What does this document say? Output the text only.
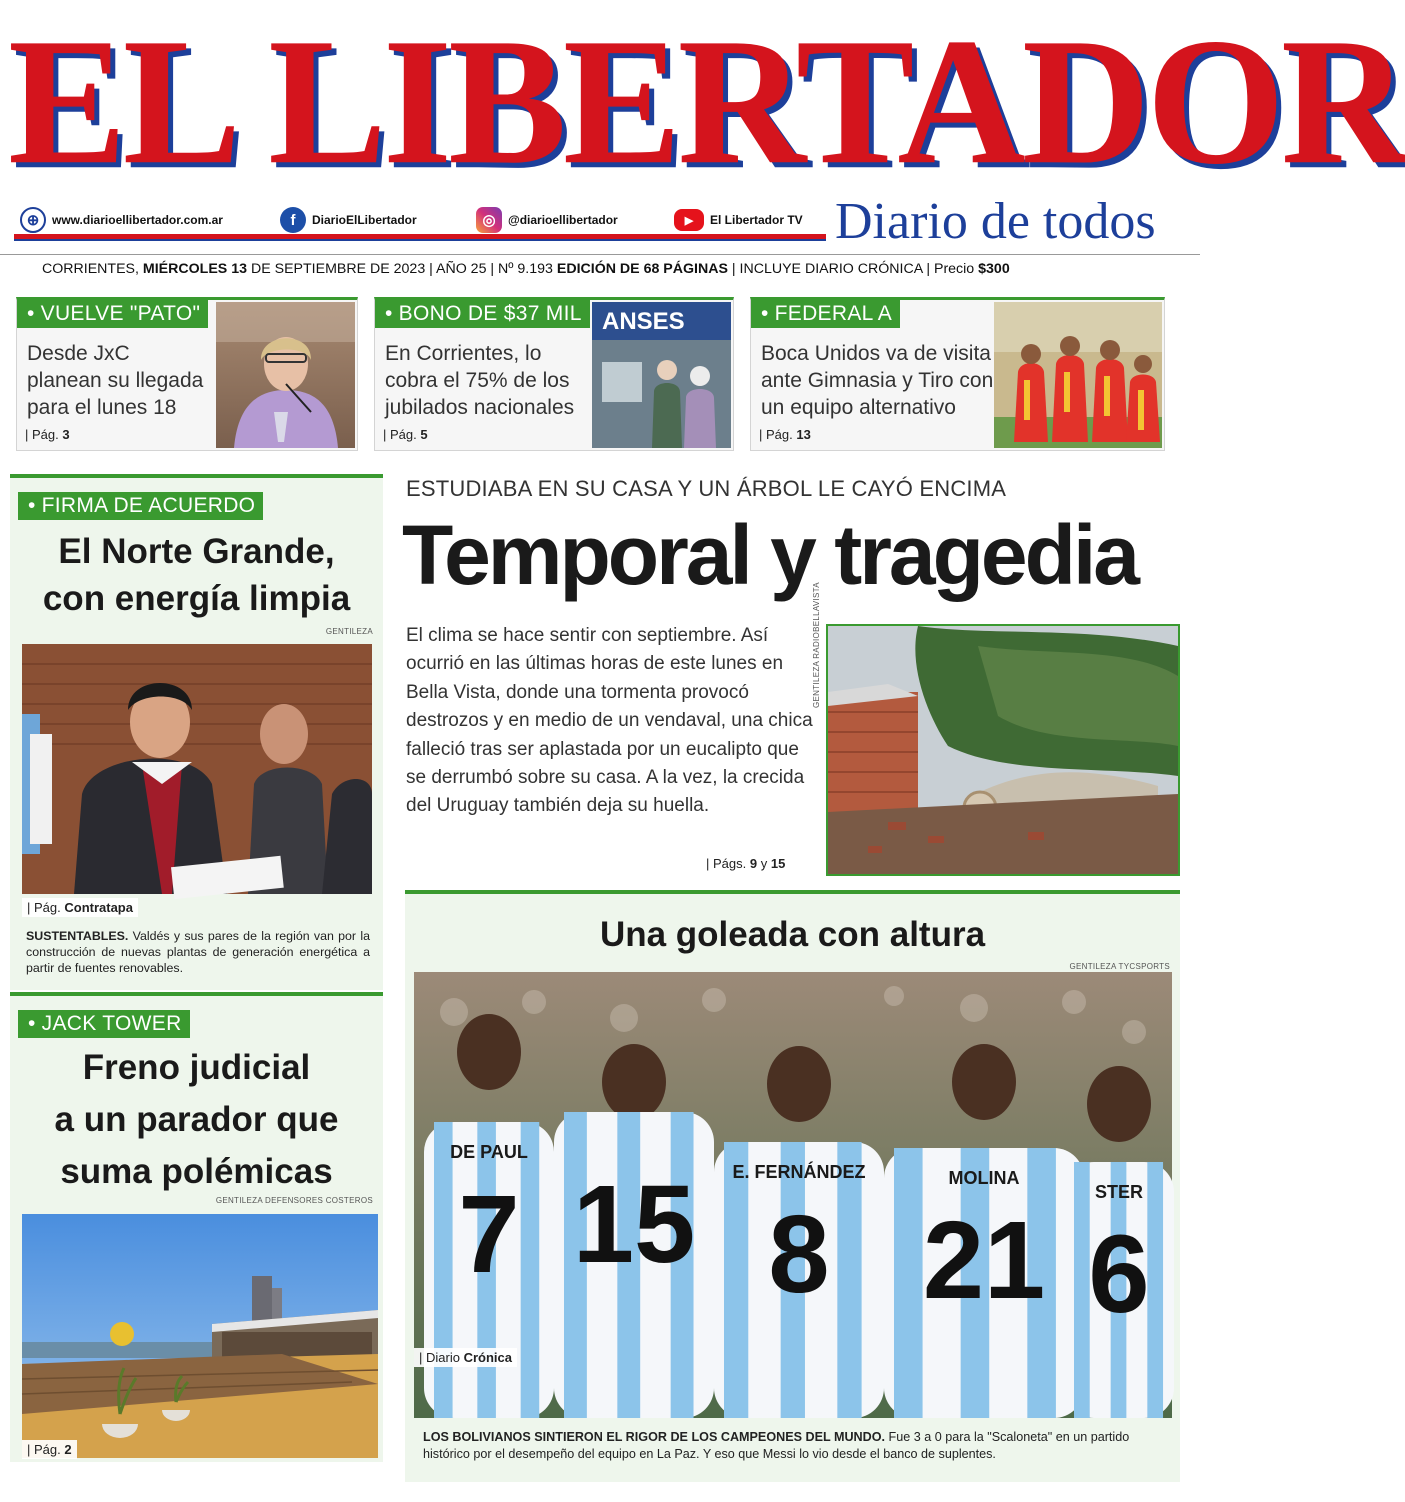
EL LIBERTADOR
⊕	www.diarioellibertador.com.ar	f	DiarioElLibertador	◎	@diarioellibertador	▶	El Libertador TV Diario de todos
CORRIENTES, MIÉRCOLES 13 DE SEPTIEMBRE DE 2023 | AÑO 25 | Nº 9.193 EDICIÓN DE 68 PÁGINAS | INCLUYE DIARIO CRÓNICA | Precio $300
• VUELVE "PATO"
Desde JxC
planean su llegada
para el lunes 18
| Pág. 3
• BONO DE $37 MIL
En Corrientes, lo
cobra el 75% de los
jubilados nacionales
| Pág. 5
ANSES
•	FEDERAL A
Boca Unidos va de visita
ante Gimnasia y Tiro con
un equipo alternativo
| Pág. 13
• FIRMA DE ACUERDO
El Norte Grande,
con energía limpia
GENTILEZA
| Pág. Contratapa
SUSTENTABLES. Valdés y sus pares de la región van por la construcción de nuevas plantas de generación energética a partir de fuentes renovables.
• JACK TOWER
Freno judicial
a un parador que
suma polémicas
GENTILEZA DEFENSORES COSTEROS
| Pág. 2
ESTUDIABA EN SU CASA Y UN ÁRBOL LE CAYÓ ENCIMA
Temporal y tragedia
El clima se hace sentir con septiembre. Así ocurrió en las últimas horas de este lunes en Bella Vista, donde una tormenta provocó destrozos y en medio de un vendaval, una chica falleció tras ser aplastada por un eucalipto que se derrumbó sobre su casa. A la vez, la crecida del Uruguay también deja su huella.
| Págs. 9 y 15
GENTILEZA RADIOBELLAVISTA
Una goleada con altura
GENTILEZA TYCSPORTS
DE PAUL
7 15 E. FERNÁNDEZ
8
MOLINA
21
STER
6
| Diario Crónica
LOS BOLIVIANOS SINTIERON EL RIGOR DE LOS CAMPEONES DEL MUNDO. Fue 3 a 0 para la "Scaloneta" en un partido histórico por el desempeño del equipo en La Paz. Y eso que Messi lo vio desde el banco de suplentes.
